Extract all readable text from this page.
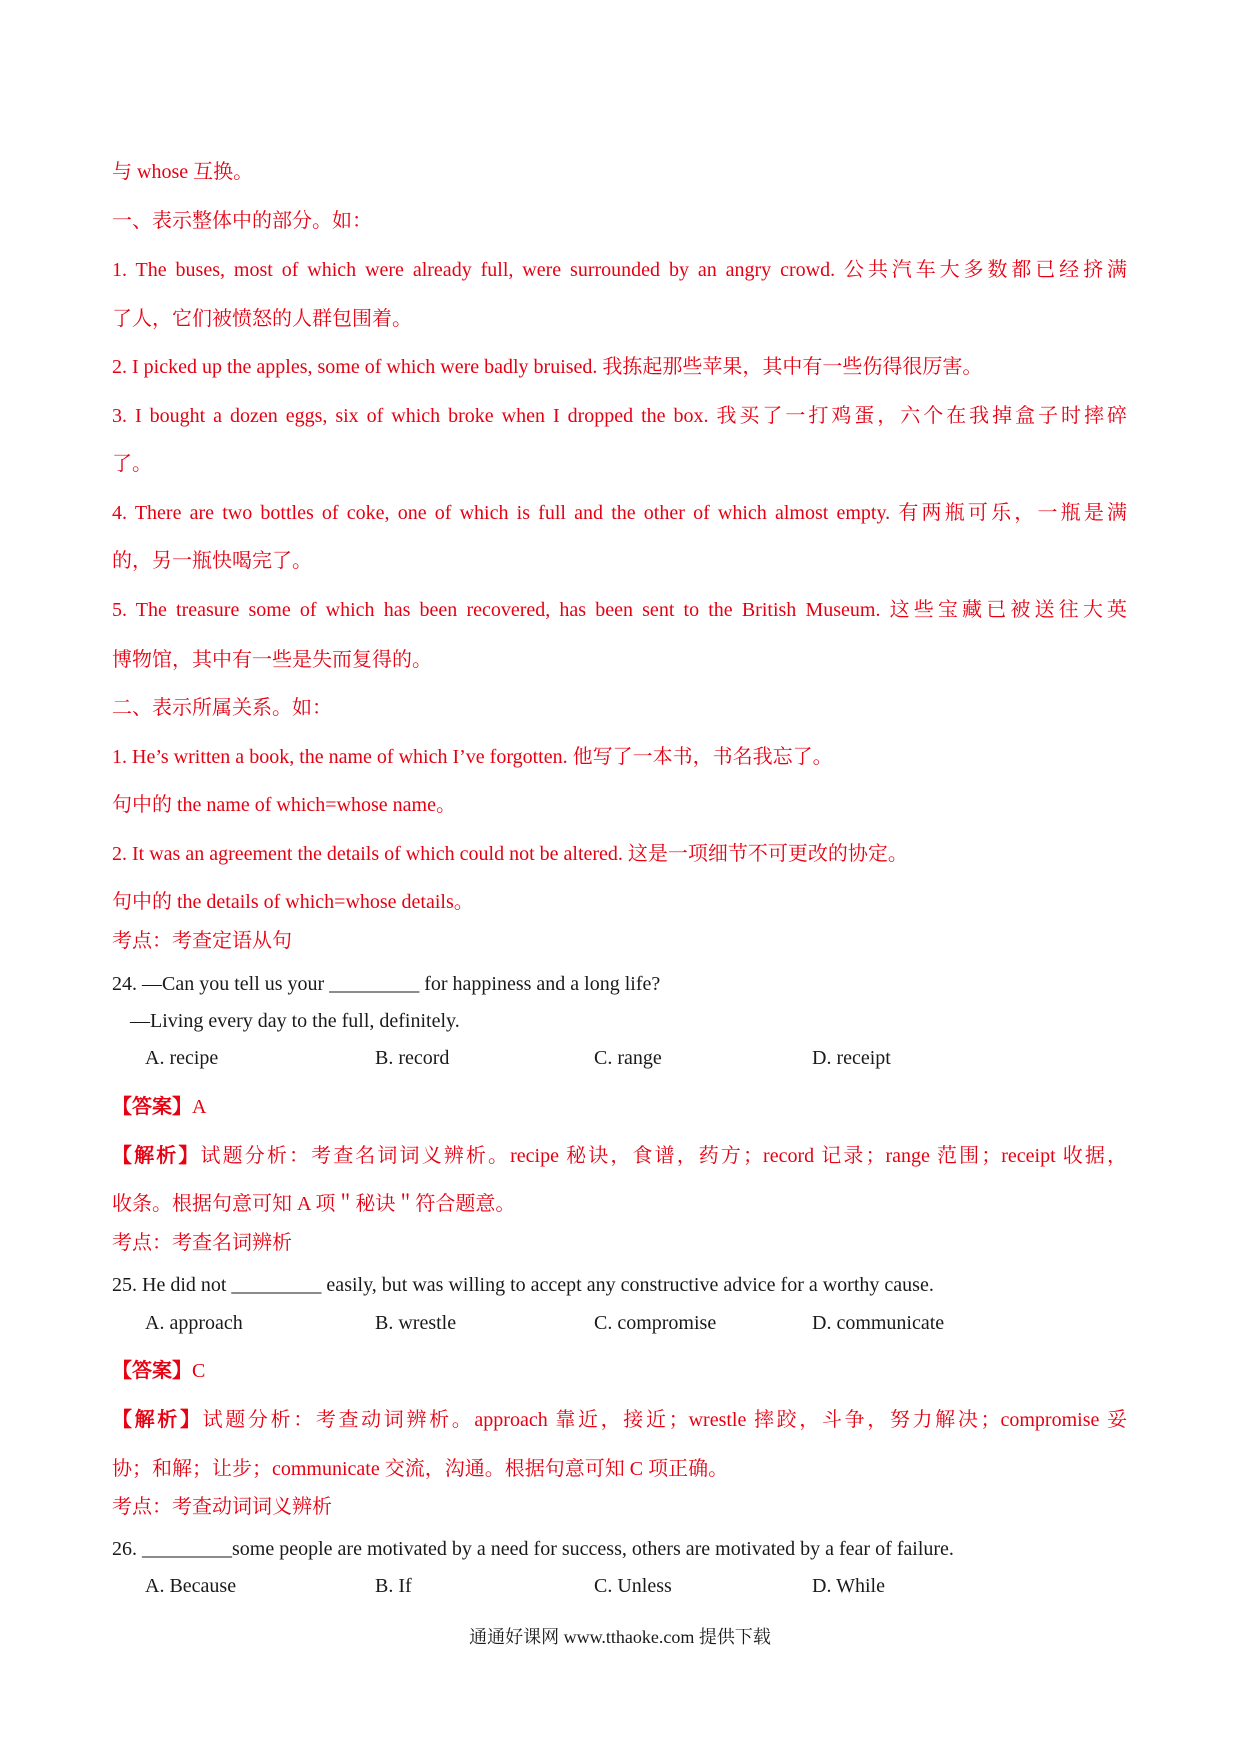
与 whose 互换。
一、表示整体中的部分。如：
1. The buses, most of which were already full, were surrounded by an angry crowd. 公共汽车大多数都已经挤满
了人，它们被愤怒的人群包围着。
2. I picked up the apples, some of which were badly bruised. 我拣起那些苹果，其中有一些伤得很厉害。
3. I bought a dozen eggs, six of which broke when I dropped the box. 我买了一打鸡蛋，六个在我掉盒子时摔碎
了。
4. There are two bottles of coke, one of which is full and the other of which almost empty. 有两瓶可乐，一瓶是满
的，另一瓶快喝完了。
5. The treasure some of which has been recovered, has been sent to the British Museum. 这些宝藏已被送往大英
博物馆，其中有一些是失而复得的。
二、表示所属关系。如：
1. He’s written a book, the name of which I’ve forgotten. 他写了一本书，书名我忘了。
句中的 the name of which=whose name。
2. It was an agreement the details of which could not be altered. 这是一项细节不可更改的协定。
句中的 the details of which=whose details。
考点：考查定语从句
24. —Can you tell us your _________ for happiness and a long life?
—Living every day to the full, definitely.
A. recipe	B. record	C. range	D. receipt
【答案】A
【解析】试题分析：考查名词词义辨析。recipe 秘诀，食谱，药方；record 记录；range 范围；receipt 收据，
收条。根据句意可知 A 项＂秘诀＂符合题意。
考点：考查名词辨析
25. He did not _________ easily, but was willing to accept any constructive advice for a worthy cause.
A. approach	B. wrestle	C. compromise	D. communicate
【答案】C
【解析】试题分析：考查动词辨析。approach 靠近，接近；wrestle 摔跤，斗争，努力解决；compromise 妥
协；和解；让步；communicate 交流，沟通。根据句意可知 C 项正确。
考点：考查动词词义辨析
26. _________some people are motivated by a need for success, others are motivated by a fear of failure.
A. Because	B. If	C. Unless	D. While
通通好课网 www.tthaoke.com 提供下载
